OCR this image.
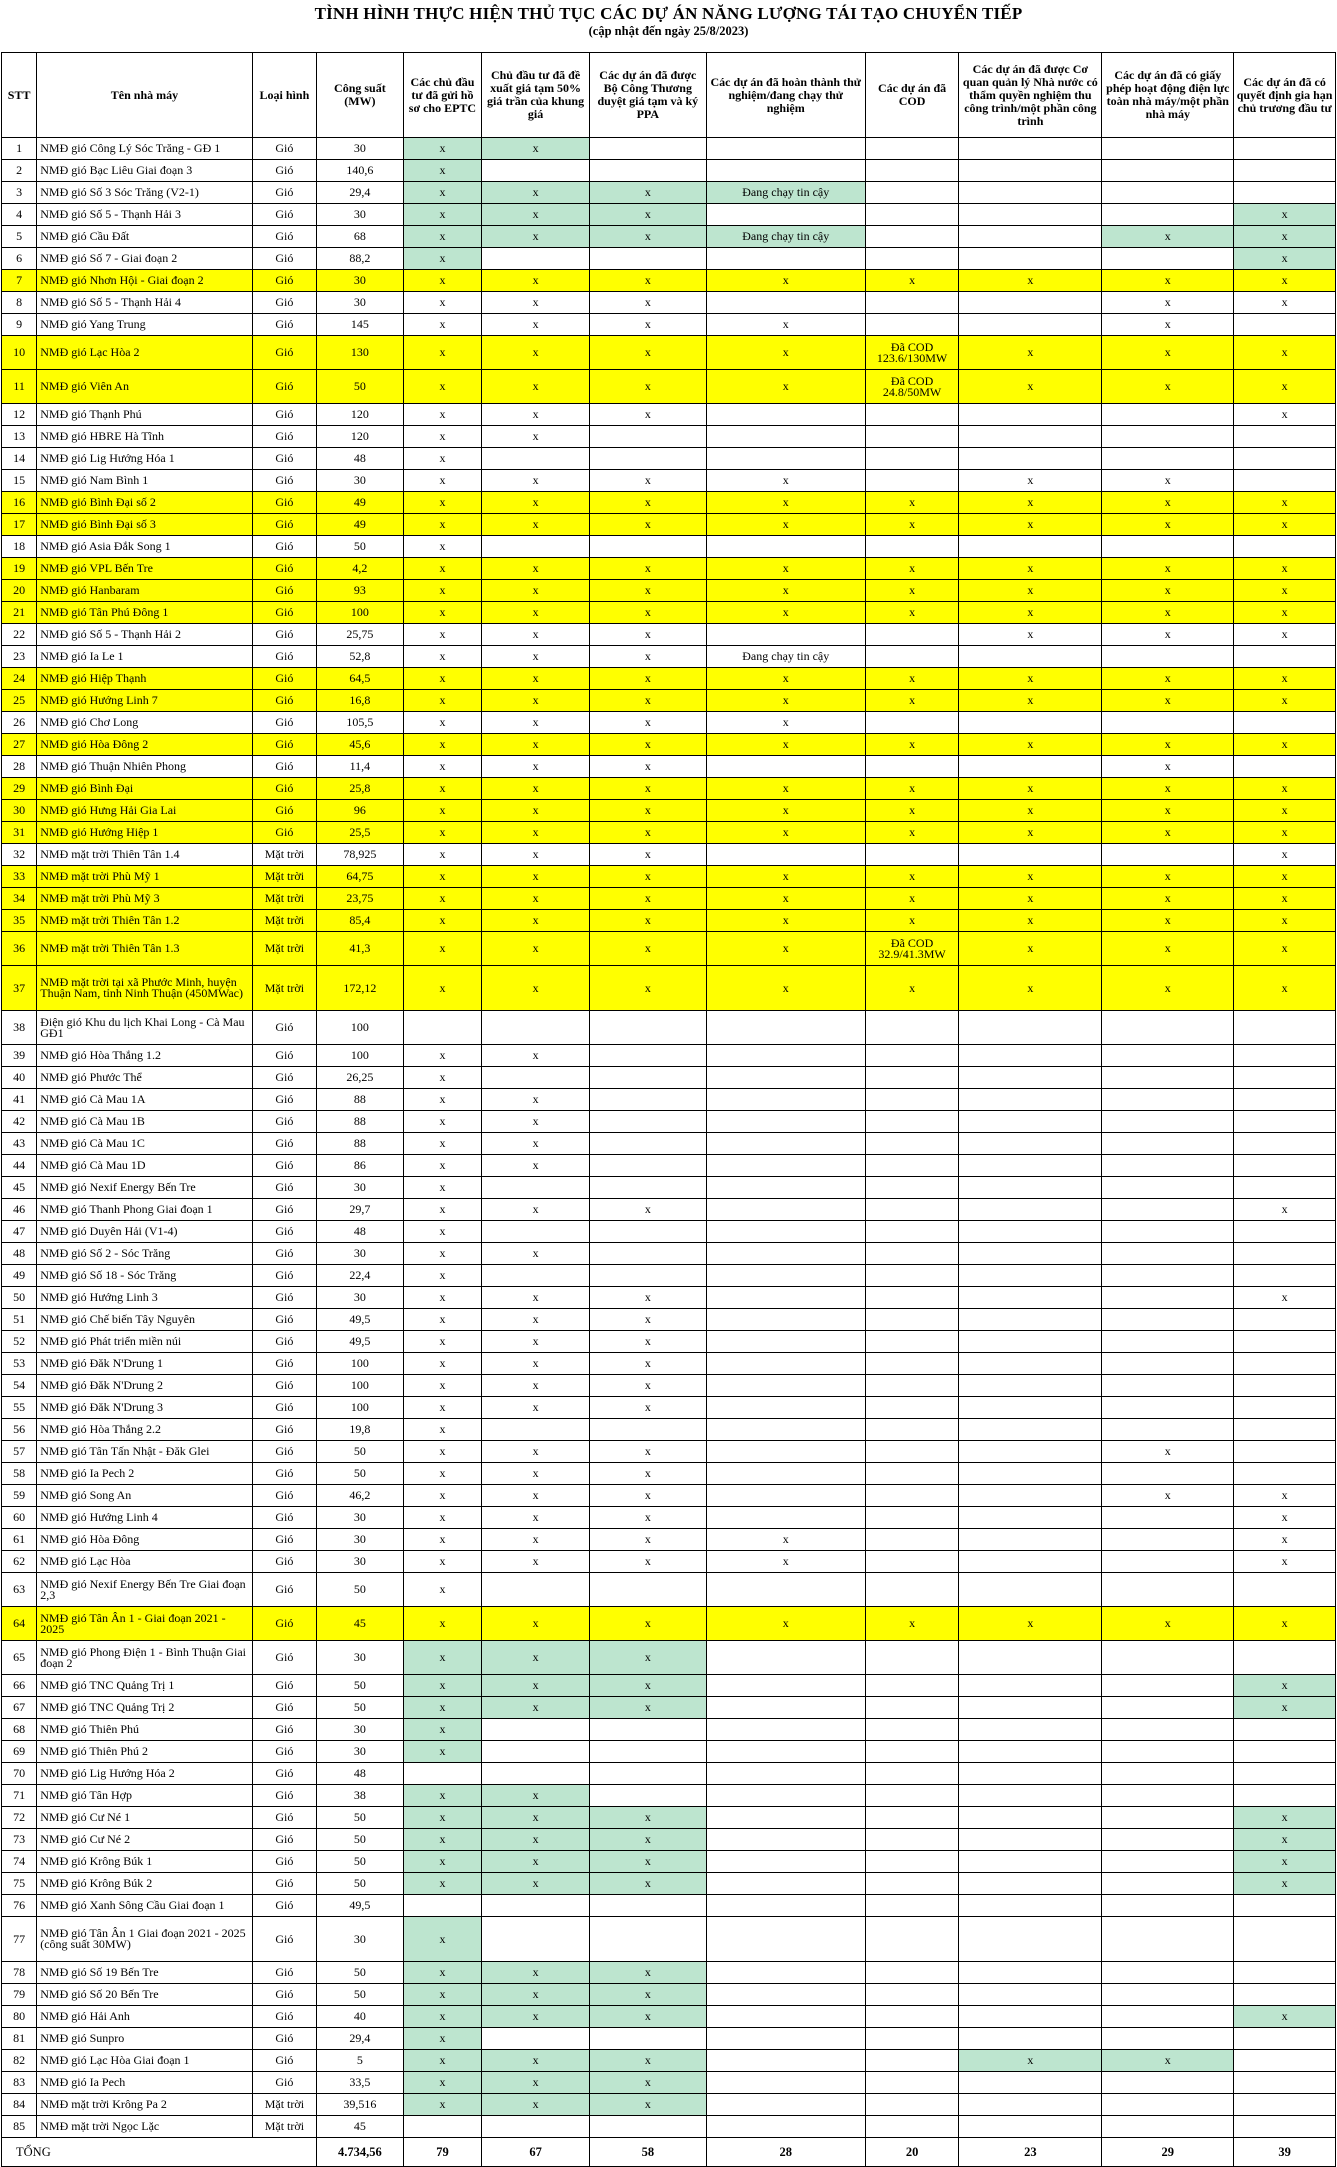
TÌNH HÌNH THỰC HIỆN THỦ TỤC CÁC DỰ ÁN NĂNG LƯỢNG TÁI TẠO CHUYỂN TIẾP
(cập nhật đến ngày 25/8/2023)
STT	Tên nhà máy	Loại hình	Công suất (MW)	Các chủ đầu tư đã gửi hồ sơ cho EPTC	Chủ đầu tư đã đề xuất giá tạm 50% giá trần của khung giá	Các dự án đã được Bộ Công Thương duyệt giá tạm và ký PPA	Các dự án đã hoàn thành thử nghiệm/đang chạy thử nghiệm	Các dự án đã COD	Các dự án đã được Cơ quan quản lý Nhà nước có thẩm quyền nghiệm thu công trình/một phần công trình	Các dự án đã có giấy phép hoạt động điện lực toàn nhà máy/một phần nhà máy	Các dự án đã có quyết định gia hạn chủ trương đầu tư
1	NMĐ gió Công Lý Sóc Trăng - GĐ 1	Gió	30	x	x						
2	NMĐ gió Bạc Liêu Giai đoạn 3	Gió	140,6	x							
3	NMĐ gió Số 3 Sóc Trăng (V2-1)	Gió	29,4	x	x	x	Đang chạy tin cậy				
4	NMĐ gió Số 5 - Thạnh Hải 3	Gió	30	x	x	x					x
5	NMĐ gió Cầu Đất	Gió	68	x	x	x	Đang chạy tin cậy			x	x
6	NMĐ gió Số 7 - Giai đoạn 2	Gió	88,2	x							x
7	NMĐ gió Nhơn Hội - Giai đoạn 2	Gió	30	x	x	x	x	x	x	x	x
8	NMĐ gió Số 5 - Thạnh Hải 4	Gió	30	x	x	x				x	x
9	NMĐ gió Yang Trung	Gió	145	x	x	x	x			x	
10	NMĐ gió Lạc Hòa 2	Gió	130	x	x	x	x	Đã COD 123.6/130MW	x	x	x
11	NMĐ gió Viên An	Gió	50	x	x	x	x	Đã COD 24.8/50MW	x	x	x
12	NMĐ gió Thạnh Phú	Gió	120	x	x	x					x
13	NMĐ gió HBRE Hà Tĩnh	Gió	120	x	x						
14	NMĐ gió Lig Hướng Hóa 1	Gió	48	x							
15	NMĐ gió Nam Bình 1	Gió	30	x	x	x	x		x	x	
16	NMĐ gió Bình Đại số 2	Gió	49	x	x	x	x	x	x	x	x
17	NMĐ gió Bình Đại số 3	Gió	49	x	x	x	x	x	x	x	x
18	NMĐ gió Asia Đắk Song 1	Gió	50	x							
19	NMĐ gió VPL Bến Tre	Gió	4,2	x	x	x	x	x	x	x	x
20	NMĐ gió Hanbaram	Gió	93	x	x	x	x	x	x	x	x
21	NMĐ gió Tân Phú Đông 1	Gió	100	x	x	x	x	x	x	x	x
22	NMĐ gió Số 5 - Thạnh Hải 2	Gió	25,75	x	x	x			x	x	x
23	NMĐ gió Ia Le 1	Gió	52,8	x	x	x	Đang chạy tin cậy				
24	NMĐ gió Hiệp Thạnh	Gió	64,5	x	x	x	x	x	x	x	x
25	NMĐ gió Hướng Linh 7	Gió	16,8	x	x	x	x	x	x	x	x
26	NMĐ gió Chơ Long	Gió	105,5	x	x	x	x				
27	NMĐ gió Hòa Đông 2	Gió	45,6	x	x	x	x	x	x	x	x
28	NMĐ gió Thuận Nhiên Phong	Gió	11,4	x	x	x				x	
29	NMĐ gió Bình Đại	Gió	25,8	x	x	x	x	x	x	x	x
30	NMĐ gió Hưng Hải Gia Lai	Gió	96	x	x	x	x	x	x	x	x
31	NMĐ gió Hướng Hiệp 1	Gió	25,5	x	x	x	x	x	x	x	x
32	NMĐ mặt trời Thiên Tân 1.4	Mặt trời	78,925	x	x	x					x
33	NMĐ mặt trời Phù Mỹ 1	Mặt trời	64,75	x	x	x	x	x	x	x	x
34	NMĐ mặt trời Phù Mỹ 3	Mặt trời	23,75	x	x	x	x	x	x	x	x
35	NMĐ mặt trời Thiên Tân 1.2	Mặt trời	85,4	x	x	x	x	x	x	x	x
36	NMĐ mặt trời Thiên Tân 1.3	Mặt trời	41,3	x	x	x	x	Đã COD 32.9/41.3MW	x	x	x
37	NMĐ mặt trời tại xã Phước Minh, huyện Thuận Nam, tỉnh Ninh Thuận (450MWac)	Mặt trời	172,12	x	x	x	x	x	x	x	x
38	Điện gió Khu du lịch Khai Long - Cà Mau GĐ1	Gió	100								
39	NMĐ gió Hòa Thắng 1.2	Gió	100	x	x						
40	NMĐ gió Phước Thể	Gió	26,25	x							
41	NMĐ gió Cà Mau 1A	Gió	88	x	x						
42	NMĐ gió Cà Mau 1B	Gió	88	x	x						
43	NMĐ gió Cà Mau 1C	Gió	88	x	x						
44	NMĐ gió Cà Mau 1D	Gió	86	x	x						
45	NMĐ gió Nexif Energy Bến Tre	Gió	30	x							
46	NMĐ gió Thanh Phong Giai đoạn 1	Gió	29,7	x	x	x					x
47	NMĐ gió Duyên Hải (V1-4)	Gió	48	x							
48	NMĐ gió Số 2 - Sóc Trăng	Gió	30	x	x						
49	NMĐ gió Số 18 - Sóc Trăng	Gió	22,4	x							
50	NMĐ gió Hướng Linh 3	Gió	30	x	x	x					x
51	NMĐ gió Chế biến Tây Nguyên	Gió	49,5	x	x	x					
52	NMĐ gió Phát triển miền núi	Gió	49,5	x	x	x					
53	NMĐ gió Đăk N'Drung 1	Gió	100	x	x	x					
54	NMĐ gió Đăk N'Drung 2	Gió	100	x	x	x					
55	NMĐ gió Đăk N'Drung 3	Gió	100	x	x	x					
56	NMĐ gió Hòa Thắng 2.2	Gió	19,8	x							
57	NMĐ gió Tân Tấn Nhật - Đăk Glei	Gió	50	x	x	x				x	
58	NMĐ gió Ia Pech 2	Gió	50	x	x	x					
59	NMĐ gió Song An	Gió	46,2	x	x	x				x	x
60	NMĐ gió Hướng Linh 4	Gió	30	x	x	x					x
61	NMĐ gió Hòa Đông	Gió	30	x	x	x	x				x
62	NMĐ gió Lạc Hòa	Gió	30	x	x	x	x				x
63	NMĐ gió Nexif Energy Bến Tre Giai đoạn 2,3	Gió	50	x							
64	NMĐ gió Tân Ân 1 - Giai đoạn 2021 - 2025	Gió	45	x	x	x	x	x	x	x	x
65	NMĐ gió Phong Điện 1 - Bình Thuận Giai đoạn 2	Gió	30	x	x	x					
66	NMĐ gió TNC Quảng Trị 1	Gió	50	x	x	x					x
67	NMĐ gió TNC Quảng Trị 2	Gió	50	x	x	x					x
68	NMĐ gió Thiên Phú	Gió	30	x							
69	NMĐ gió Thiên Phú 2	Gió	30	x							
70	NMĐ gió Lig Hướng Hóa 2	Gió	48								
71	NMĐ gió Tân Hợp	Gió	38	x	x						
72	NMĐ gió Cư Né 1	Gió	50	x	x	x					x
73	NMĐ gió Cư Né 2	Gió	50	x	x	x					x
74	NMĐ gió Krông Búk 1	Gió	50	x	x	x					x
75	NMĐ gió Krông Búk 2	Gió	50	x	x	x					x
76	NMĐ gió Xanh Sông Cầu Giai đoạn 1	Gió	49,5								
77	NMĐ gió Tân Ân 1 Giai đoạn 2021 - 2025 (công suất 30MW)	Gió	30	x							
78	NMĐ gió Số 19 Bến Tre	Gió	50	x	x	x					
79	NMĐ gió Số 20 Bến Tre	Gió	50	x	x	x					
80	NMĐ gió Hải Anh	Gió	40	x	x	x					x
81	NMĐ gió Sunpro	Gió	29,4	x							
82	NMĐ gió Lạc Hòa Giai đoạn 1	Gió	5	x	x	x			x	x	
83	NMĐ gió Ia Pech	Gió	33,5	x	x	x					
84	NMĐ mặt trời Krông Pa 2	Mặt trời	39,516	x	x	x					
85	NMĐ mặt trời Ngọc Lặc	Mặt trời	45								
TỔNG			4.734,56	79	67	58	28	20	23	29	39
